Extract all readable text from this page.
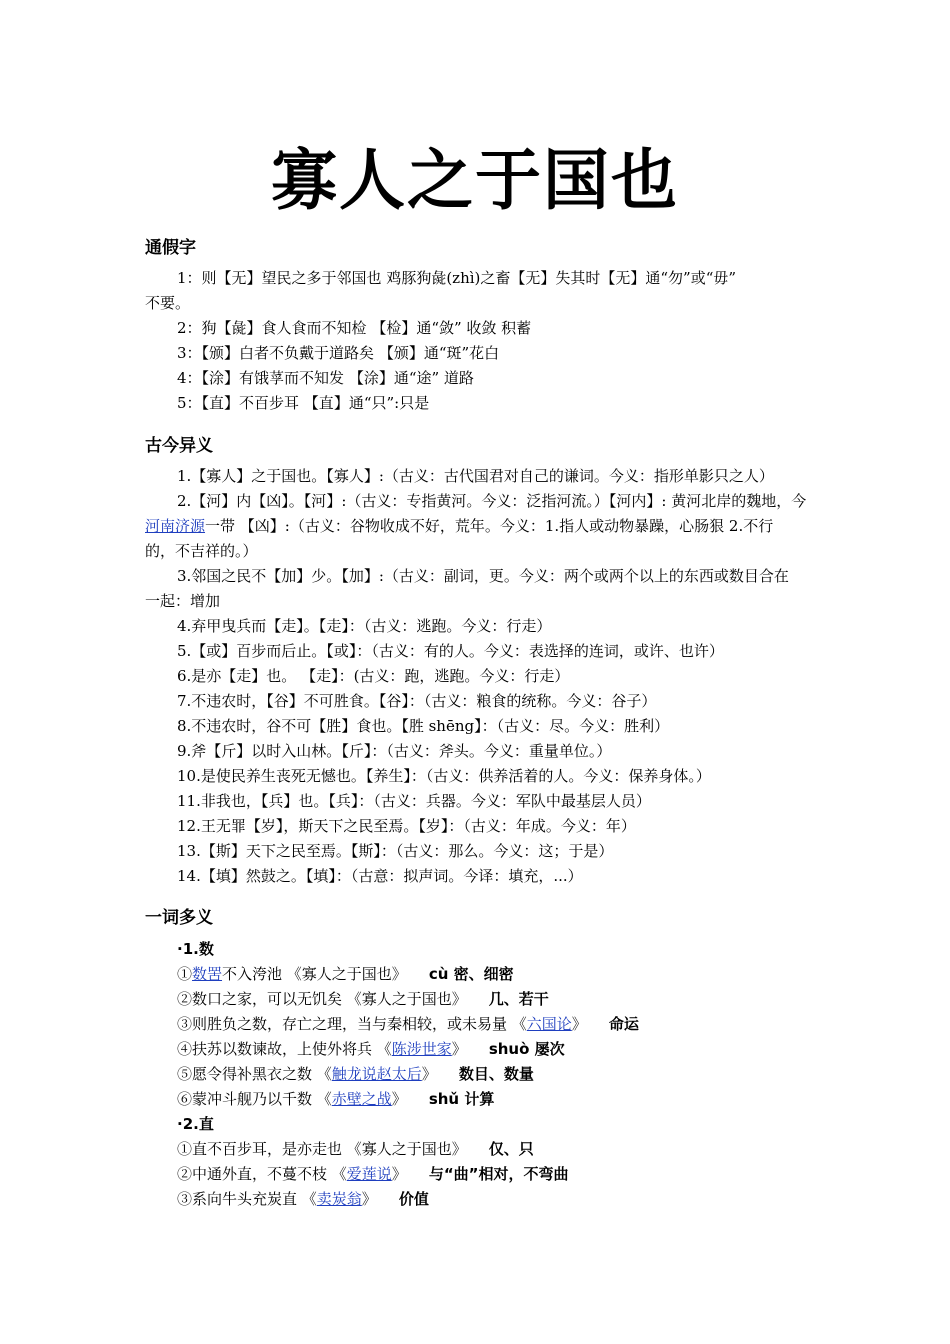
寡人之于国也
通假字
1：则【无】望民之多于邻国也 鸡豚狗彘(zhì)之畜【无】失其时【无】通“勿”或“毋”
不要。
2：狗【彘】食人食而不知检 【检】通“敛” 收敛 积蓄
3：【颁】白者不负戴于道路矣 【颁】通“斑”花白
4：【涂】有饿莩而不知发 【涂】通“途” 道路
5：【直】不百步耳 【直】通“只”:只是
古今异义
1.【寡人】之于国也。【寡人】:（古义：古代国君对自己的谦词。今义：指形单影只之人）
2.【河】内【凶】。【河】:（古义：专指黄河。今义：泛指河流。）【河内】: 黄河北岸的魏地，今
河南济源一带 【凶】:（古义：谷物收成不好，荒年。今义：1.指人或动物暴躁，心肠狠 2.不行
的，不吉祥的。）
3.邻国之民不【加】少。【加】:（古义：副词，更。今义：两个或两个以上的东西或数目合在
一起：增加
4.弃甲曳兵而【走】。【走】：（古义：逃跑。今义：行走）
5.【或】百步而后止。【或】：（古义：有的人。今义：表选择的连词，或许、也许）
6.是亦【走】也。 【走】：(古义：跑，逃跑。今义：行走）
7.不违农时，【谷】不可胜食。【谷】：（古义：粮食的统称。今义：谷子）
8.不违农时，谷不可【胜】食也。【胜 shēng】：（古义：尽。今义：胜利）
9.斧【斤】以时入山林。【斤】：（古义：斧头。今义：重量单位。）
10.是使民养生丧死无憾也。【养生】：（古义：供养活着的人。今义：保养身体。）
11.非我也，【兵】也。【兵】：（古义：兵器。今义：军队中最基层人员）
12.王无罪【岁】，斯天下之民至焉。【岁】：（古义：年成。今义：年）
13.【斯】天下之民至焉。【斯】：（古义：那么。今义：这；于是）
14.【填】然鼓之。【填】：（古意：拟声词。今译：填充，...）
一词多义
·1.数
①数罟不入洿池 《寡人之于国也》 cù 密、细密
②数口之家，可以无饥矣 《寡人之于国也》 几、若干
③则胜负之数，存亡之理，当与秦相较，或未易量 《六国论》 命运
④扶苏以数谏故，上使外将兵 《陈涉世家》 shuò 屡次
⑤愿令得补黑衣之数 《触龙说赵太后》 数目、数量
⑥蒙冲斗舰乃以千数 《赤壁之战》 shǔ 计算
·2.直
①直不百步耳，是亦走也 《寡人之于国也》 仅、只
②中通外直，不蔓不枝 《爱莲说》 与“曲”相对，不弯曲
③系向牛头充炭直 《卖炭翁》 价值
